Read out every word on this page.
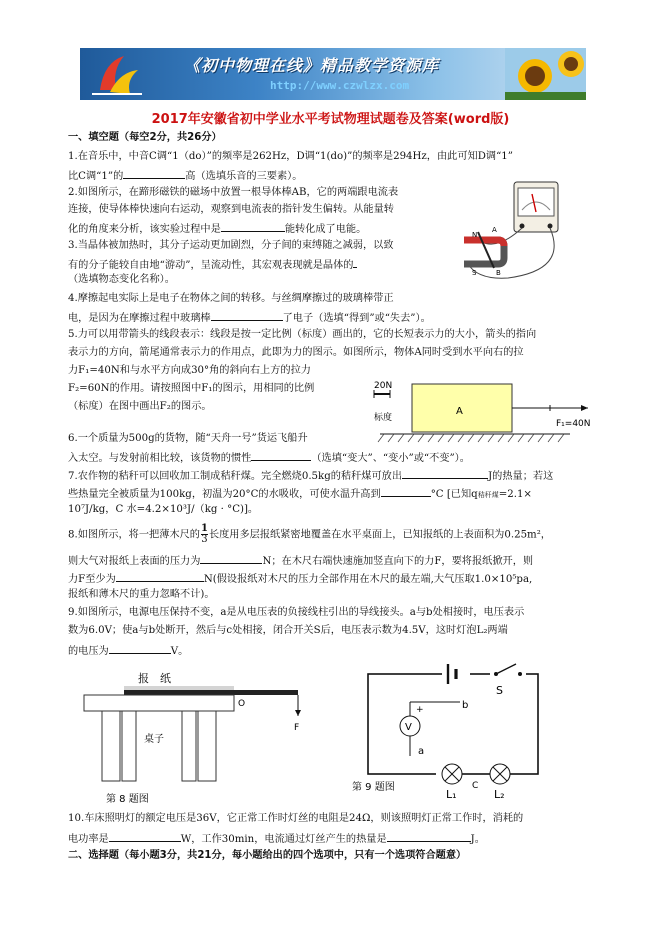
《初中物理在线》精品教学资源库
http://www.czwlzx.com
2017年安徽省初中学业水平考试物理试题卷及答案(word版)
一、填空题（每空2分，共26分）
1.在音乐中，中音C调“1（do）”的频率是262Hz，D调“1(do)”的频率是294Hz，由此可知D调“1”
比C调“1”的	高（选填乐音的三要素）。
2.如图所示，在蹄形磁铁的磁场中放置一根导体棒AB，它的两端跟电流表
连接，使导体棒快速向右运动，观察到电流表的指针发生偏转。从能量转
化的角度来分析，该实验过程中是	能转化成了电能。	N
S
A
B
3.当晶体被加热时，其分子运动更加剧烈，分子间的束缚随之减弱，以致
有的分子能较自由地“游动”，呈流动性，其宏观表现就是晶体的
（选填物态变化名称）。
4.摩擦起电实际上是电子在物体之间的转移。与丝绸摩擦过的玻璃棒带正
电，是因为在摩擦过程中玻璃棒	了电子（选填“得到”或“失去”）。
5.力可以用带箭头的线段表示：线段是按一定比例（标度）画出的，它的长短表示力的大小，箭头的指向
表示力的方向，箭尾通常表示力的作用点，此即为力的图示。如图所示，物体A同时受到水平向右的拉
力F₁=40N和与水平方向成30°角的斜向右上方的拉力
F₂=60N的作用。请按照图中F₁的图示，用相同的比例
（标度）在图中画出F₂的图示。
20N
标度
A
F₁=40N
6.一个质量为500g的货物，随“天舟一号”货运飞船升
入太空。与发射前相比较，该货物的惯性	（选填“变大”、“变小”或“不变”）。
7.农作物的秸秆可以回收加工制成秸秆煤。完全燃烧0.5kg的秸秆煤可放出	J的热量；若这
些热量完全被质量为100kg，初温为20°C的水吸收，可使水温升高到	°C [已知q秸秆煤=2.1×
10⁷J/kg，C 水=4.2×10³J/（kg · °C)]。
8.如图所示，将一把薄木尺的 $\frac{1}{3}$ 长度用多层报纸紧密地覆盖在水平桌面上，已知报纸的上表面积为0.25m²，
则大气对报纸上表面的压力为	N；在木尺右端快速施加竖直向下的力F，要将报纸掀开，则
力F至少为	N(假设报纸对木尺的压力全部作用在木尺的最左端,大气压取1.0×10⁵pa,
报纸和薄木尺的重力忽略不计)。
9.如图所示，电源电压保持不变，a是从电压表的负接线柱引出的导线接头。a与b处相接时，电压表示
数为6.0V；使a与b处断开，然后与c处相接，闭合开关S后，电压表示数为4.5V，这时灯泡L₂两端
的电压为	V。
报　纸
桌子
O
F
第 8 题图
S
b
V
+
a
C
L₁	L₂
第 9 题图
10.车床照明灯的额定电压是36V，它正常工作时灯丝的电阻是24Ω，则该照明灯正常工作时，消耗的
电功率是	W，工作30min，电流通过灯丝产生的热量是	J。
二、选择题（每小题3分，共21分，每小题给出的四个选项中，只有一个选项符合题意）
